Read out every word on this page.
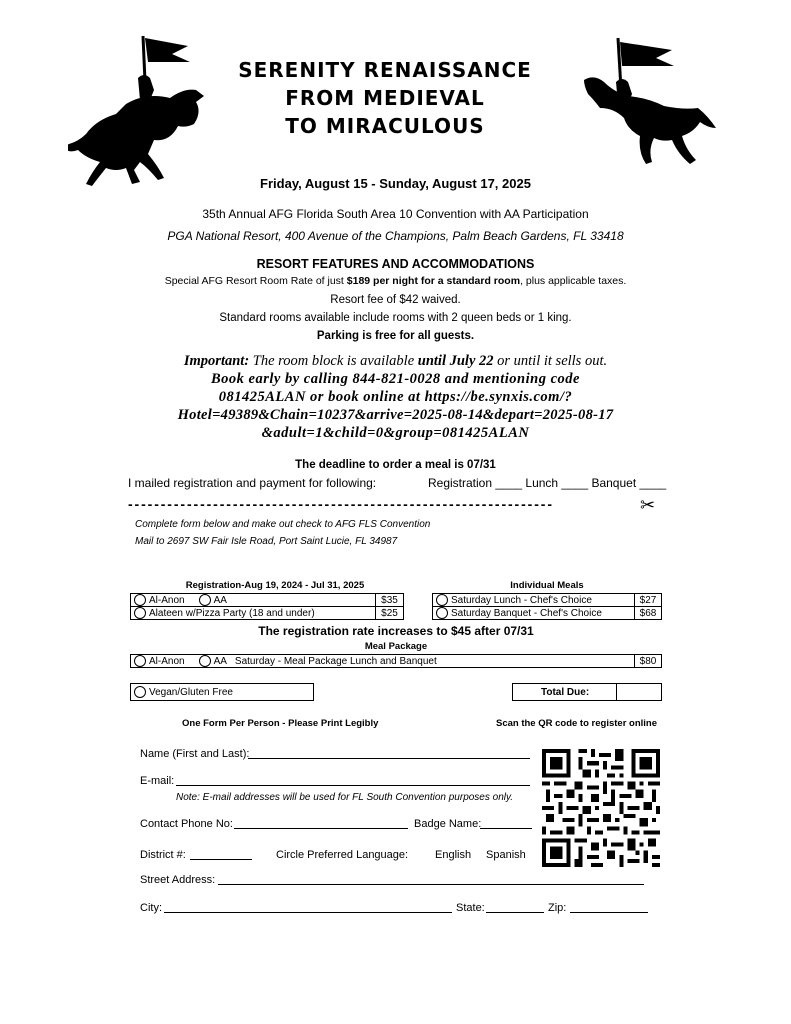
SERENITY RENAISSANCE
FROM MEDIEVAL
TO MIRACULOUS
Friday, August 15 - Sunday, August 17, 2025
35th Annual AFG Florida South Area 10 Convention with AA Participation
PGA National Resort, 400 Avenue of the Champions, Palm Beach Gardens, FL 33418
RESORT FEATURES AND ACCOMMODATIONS
Special AFG Resort Room Rate of just $189 per night for a standard room, plus applicable taxes.
Resort fee of $42 waived.
Standard rooms available include rooms with 2 queen beds or 1 king.
Parking is free for all guests.
Important: The room block is available until July 22 or until it sells out.
Book early by calling 844-821-0028 and mentioning code
081425ALAN or book online at https://be.synxis.com/?
Hotel=49389&Chain=10237&arrive=2025-08-14&depart=2025-08-17
&adult=1&child=0&group=081425ALAN
The deadline to order a meal is 07/31
I mailed registration and payment for following:	Registration ____ Lunch ____ Banquet ____
- - - - - - - - - - - - - - - - - - - - - - - - - - - - - - - - - - - - - - - - - - - - - - - - - - - - - - - - - - - - - - - - -	✂
Complete form below and make out check to AFG FLS Convention
Mail to 2697 SW Fair Isle Road, Port Saint Lucie, FL 34987
Registration-Aug 19, 2024 - Jul 31, 2025
Al-Anon	AA	$35
Alateen w/Pizza Party (18 and under)	$25
Individual Meals
Saturday Lunch - Chef's Choice	$27
Saturday Banquet - Chef's Choice	$68
The registration rate increases to $45 after 07/31
Meal Package
Al-Anon	AA Saturday - Meal Package Lunch and Banquet	$80
Vegan/Gluten Free	Total Due:
One Form Per Person - Please Print Legibly	Scan the QR code to register online
Name (First and Last):
E-mail:
Note: E-mail addresses will be used for FL South Convention purposes only.
Contact Phone No:	Badge Name:
District #:	Circle Preferred Language: English Spanish
Street Address:
City:	State:	Zip:
